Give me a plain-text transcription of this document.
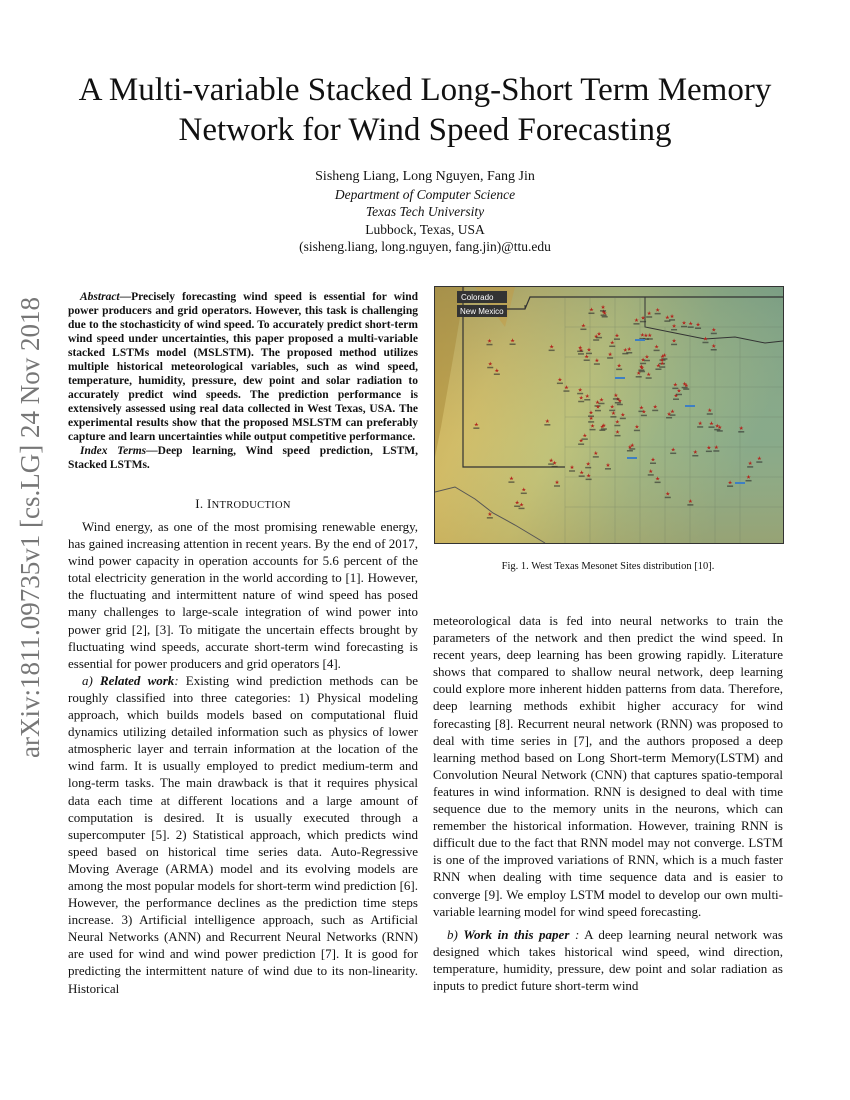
arXiv:1811.09735v1 [cs.LG] 24 Nov 2018
A Multi-variable Stacked Long-Short Term Memory
Network for Wind Speed Forecasting
Sisheng Liang, Long Nguyen, Fang Jin
Department of Computer Science
Texas Tech University
Lubbock, Texas, USA
(sisheng.liang, long.nguyen, fang.jin)@ttu.edu

Abstract—Precisely forecasting wind speed is essential for wind power producers and grid operators. However, this task is challenging due to the stochasticity of wind speed. To accurately predict short-term wind speed under uncertainties, this paper proposed a multi-variable stacked LSTMs model (MSLSTM). The proposed method utilizes multiple historical meteorological variables, such as wind speed, temperature, humidity, pressure, dew point and solar radiation to accurately predict wind speeds. The prediction performance is extensively assessed using real data collected in West Texas, USA. The experimental results show that the proposed MSLSTM can preferably capture and learn uncertainties while output competitive performance.

Index Terms—Deep learning, Wind speed prediction, LSTM, Stacked LSTMs.

I. INTRODUCTION

Wind energy, as one of the most promising renewable energy, has gained increasing attention in recent years. By the end of 2017, wind power capacity in operation accounts for 5.6 percent of the total electricity generation in the world according to [1]. However, the fluctuating and intermittent nature of wind speed has posed many challenges to large-scale integration of wind power into power grid [2], [3]. To mitigate the uncertain effects brought by fluctuating wind speeds, accurate short-term wind forecasting is essential for power producers and grid operators [4].

a) Related work: Existing wind prediction methods can be roughly classified into three categories: 1) Physical modeling approach, which builds models based on computational fluid dynamics utilizing detailed information such as physics of lower atmospheric layer and terrain information at the location of the wind farm. It is usually employed to predict medium-term and long-term tasks. The main drawback is that it requires physical data each time at different locations and a large amount of computation is desired. It is usually executed through a supercomputer [5]. 2) Statistical approach, which predicts wind speed based on historical time series data. Auto-Regressive Moving Average (ARMA) model and its evolving models are among the most popular models for short-term wind prediction [6]. However, the performance declines as the prediction time steps increase. 3) Artificial intelligence approach, such as Artificial Neural Networks (ANN) and Recurrent Neural Networks (RNN) are used for wind and wind power prediction [7]. It is good for predicting the intermittent nature of wind due to its non-linearity. Historical

Colorado
New Mexico
Fig. 1. West Texas Mesonet Sites distribution [10].

meteorological data is fed into neural networks to train the parameters of the network and then predict the wind speed. In recent years, deep learning has been growing rapidly. Literature shows that compared to shallow neural network, deep learning could explore more inherent hidden patterns from data. Therefore, deep learning methods exhibit higher accuracy for wind forecasting [8]. Recurrent neural network (RNN) was proposed to deal with time series in [7], and the authors proposed a deep learning method based on Long Short-term Memory(LSTM) and Convolution Neural Network (CNN) that captures spatio-temporal features in wind information. RNN is designed to deal with time sequence due to the memory units in the neurons, which can remember the historical information. However, training RNN is difficult due to the fact that RNN model may not converge. LSTM is one of the improved variations of RNN, which is a much faster RNN when dealing with time sequence data and is easier to converge [9]. We employ LSTM model to develop our own multi-variable learning model for wind speed forecasting.

b) Work in this paper : A deep learning neural network was designed which takes historical wind speed, wind direction, temperature, humidity, pressure, dew point and solar radiation as inputs to predict future short-term wind
